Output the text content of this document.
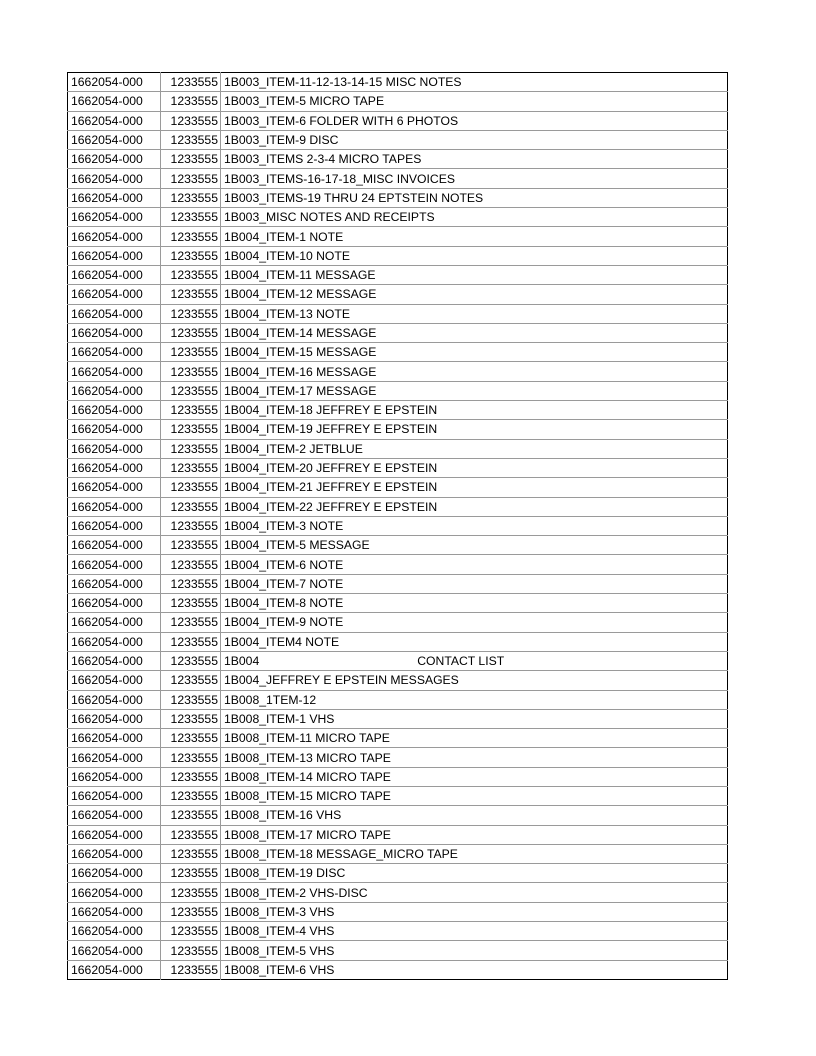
1662054-000	1233555	1B003_ITEM-11-12-13-14-15 MISC NOTES
1662054-000	1233555	1B003_ITEM-5 MICRO TAPE
1662054-000	1233555	1B003_ITEM-6 FOLDER WITH 6 PHOTOS
1662054-000	1233555	1B003_ITEM-9 DISC
1662054-000	1233555	1B003_ITEMS 2-3-4 MICRO TAPES
1662054-000	1233555	1B003_ITEMS-16-17-18_MISC INVOICES
1662054-000	1233555	1B003_ITEMS-19 THRU 24 EPTSTEIN NOTES
1662054-000	1233555	1B003_MISC NOTES AND RECEIPTS
1662054-000	1233555	1B004_ITEM-1 NOTE
1662054-000	1233555	1B004_ITEM-10 NOTE
1662054-000	1233555	1B004_ITEM-11 MESSAGE
1662054-000	1233555	1B004_ITEM-12 MESSAGE
1662054-000	1233555	1B004_ITEM-13 NOTE
1662054-000	1233555	1B004_ITEM-14 MESSAGE
1662054-000	1233555	1B004_ITEM-15 MESSAGE
1662054-000	1233555	1B004_ITEM-16 MESSAGE
1662054-000	1233555	1B004_ITEM-17 MESSAGE
1662054-000	1233555	1B004_ITEM-18 JEFFREY E EPSTEIN
1662054-000	1233555	1B004_ITEM-19 JEFFREY E EPSTEIN
1662054-000	1233555	1B004_ITEM-2 JETBLUE
1662054-000	1233555	1B004_ITEM-20 JEFFREY E EPSTEIN
1662054-000	1233555	1B004_ITEM-21 JEFFREY E EPSTEIN
1662054-000	1233555	1B004_ITEM-22 JEFFREY E EPSTEIN
1662054-000	1233555	1B004_ITEM-3 NOTE
1662054-000	1233555	1B004_ITEM-5 MESSAGE
1662054-000	1233555	1B004_ITEM-6 NOTE
1662054-000	1233555	1B004_ITEM-7 NOTE
1662054-000	1233555	1B004_ITEM-8 NOTE
1662054-000	1233555	1B004_ITEM-9 NOTE
1662054-000	1233555	1B004_ITEM4 NOTE
1662054-000	1233555	1B004 CONTACT LIST
1662054-000	1233555	1B004_JEFFREY E EPSTEIN MESSAGES
1662054-000	1233555	1B008_1TEM-12
1662054-000	1233555	1B008_ITEM-1 VHS
1662054-000	1233555	1B008_ITEM-11 MICRO TAPE
1662054-000	1233555	1B008_ITEM-13 MICRO TAPE
1662054-000	1233555	1B008_ITEM-14 MICRO TAPE
1662054-000	1233555	1B008_ITEM-15 MICRO TAPE
1662054-000	1233555	1B008_ITEM-16 VHS
1662054-000	1233555	1B008_ITEM-17 MICRO TAPE
1662054-000	1233555	1B008_ITEM-18 MESSAGE_MICRO TAPE
1662054-000	1233555	1B008_ITEM-19 DISC
1662054-000	1233555	1B008_ITEM-2 VHS-DISC
1662054-000	1233555	1B008_ITEM-3 VHS
1662054-000	1233555	1B008_ITEM-4 VHS
1662054-000	1233555	1B008_ITEM-5 VHS
1662054-000	1233555	1B008_ITEM-6 VHS
